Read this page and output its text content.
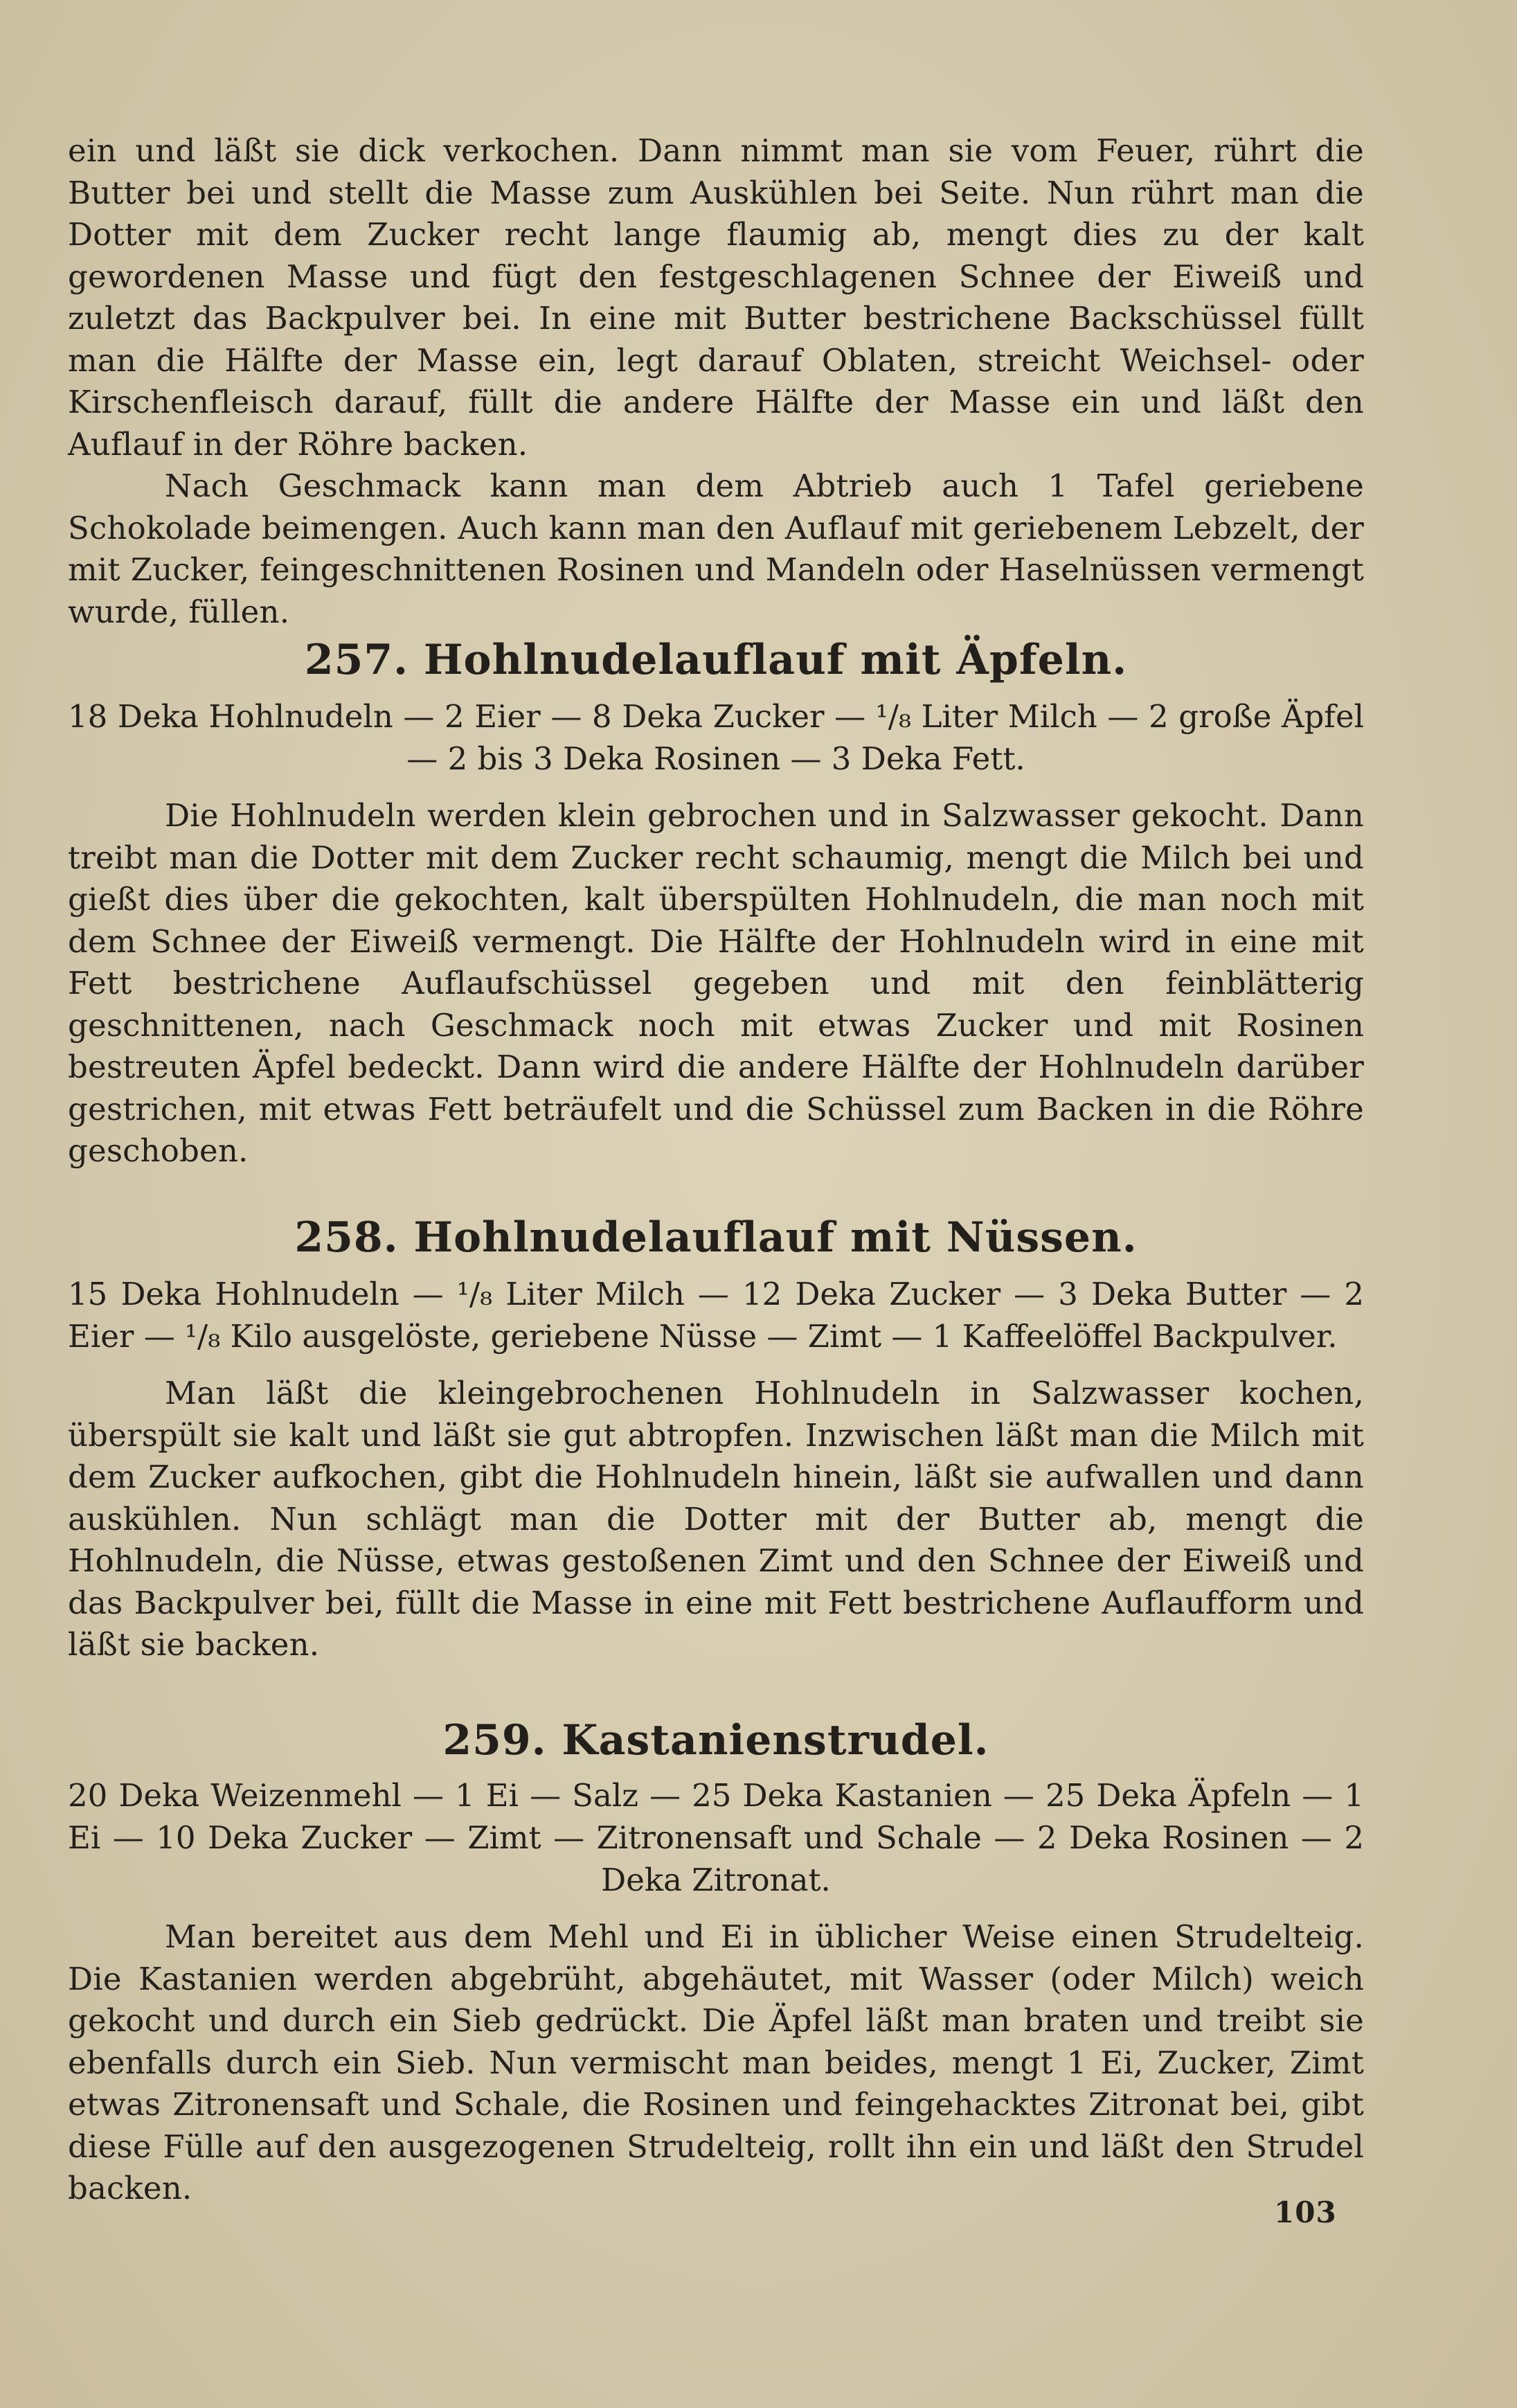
ein und läßt sie dick verkochen. Dann nimmt man sie vom Feuer, rührt die Butter bei und stellt die Masse zum Auskühlen bei Seite. Nun rührt man die Dotter mit dem Zucker recht lange flaumig ab, mengt dies zu der kalt gewordenen Masse und fügt den festgeschlagenen Schnee der Eiweiß und zuletzt das Backpulver bei. In eine mit Butter bestrichene Backschüssel füllt man die Hälfte der Masse ein, legt darauf Oblaten, streicht Weichsel- oder Kirschenfleisch darauf, füllt die andere Hälfte der Masse ein und läßt den Auflauf in der Röhre backen.

Nach Geschmack kann man dem Abtrieb auch 1 Tafel geriebene Schokolade beimengen. Auch kann man den Auflauf mit geriebenem Lebzelt, der mit Zucker, feingeschnittenen Rosinen und Mandeln oder Haselnüssen vermengt wurde, füllen.

257. Hohlnudelauflauf mit Äpfeln.

18 Deka Hohlnudeln — 2 Eier — 8 Deka Zucker — ¹/₈ Liter Milch — 2 große Äpfel — 2 bis 3 Deka Rosinen — 3 Deka Fett.

Die Hohlnudeln werden klein gebrochen und in Salzwasser gekocht. Dann treibt man die Dotter mit dem Zucker recht schaumig, mengt die Milch bei und gießt dies über die gekochten, kalt überspülten Hohlnudeln, die man noch mit dem Schnee der Eiweiß vermengt. Die Hälfte der Hohlnudeln wird in eine mit Fett bestrichene Auflaufschüssel gegeben und mit den feinblätterig geschnittenen, nach Geschmack noch mit etwas Zucker und mit Rosinen bestreuten Äpfel bedeckt. Dann wird die andere Hälfte der Hohlnudeln darüber gestrichen, mit etwas Fett beträufelt und die Schüssel zum Backen in die Röhre geschoben.

258. Hohlnudelauflauf mit Nüssen.

15 Deka Hohlnudeln — ¹/₈ Liter Milch — 12 Deka Zucker — 3 Deka Butter — 2 Eier — ¹/₈ Kilo ausgelöste, geriebene Nüsse — Zimt — 1 Kaffeelöffel Backpulver.

Man läßt die kleingebrochenen Hohlnudeln in Salzwasser kochen, überspült sie kalt und läßt sie gut abtropfen. Inzwischen läßt man die Milch mit dem Zucker aufkochen, gibt die Hohlnudeln hinein, läßt sie aufwallen und dann auskühlen. Nun schlägt man die Dotter mit der Butter ab, mengt die Hohlnudeln, die Nüsse, etwas gestoßenen Zimt und den Schnee der Eiweiß und das Backpulver bei, füllt die Masse in eine mit Fett bestrichene Auflaufform und läßt sie backen.

259. Kastanienstrudel.

20 Deka Weizenmehl — 1 Ei — Salz — 25 Deka Kastanien — 25 Deka Äpfeln — 1 Ei — 10 Deka Zucker — Zimt — Zitronensaft und Schale — 2 Deka Rosinen — 2 Deka Zitronat.

Man bereitet aus dem Mehl und Ei in üblicher Weise einen Strudelteig. Die Kastanien werden abgebrüht, abgehäutet, mit Wasser (oder Milch) weich gekocht und durch ein Sieb gedrückt. Die Äpfel läßt man braten und treibt sie ebenfalls durch ein Sieb. Nun vermischt man beides, mengt 1 Ei, Zucker, Zimt etwas Zitronensaft und Schale, die Rosinen und feingehacktes Zitronat bei, gibt diese Fülle auf den ausgezogenen Strudelteig, rollt ihn ein und läßt den Strudel backen.

103
